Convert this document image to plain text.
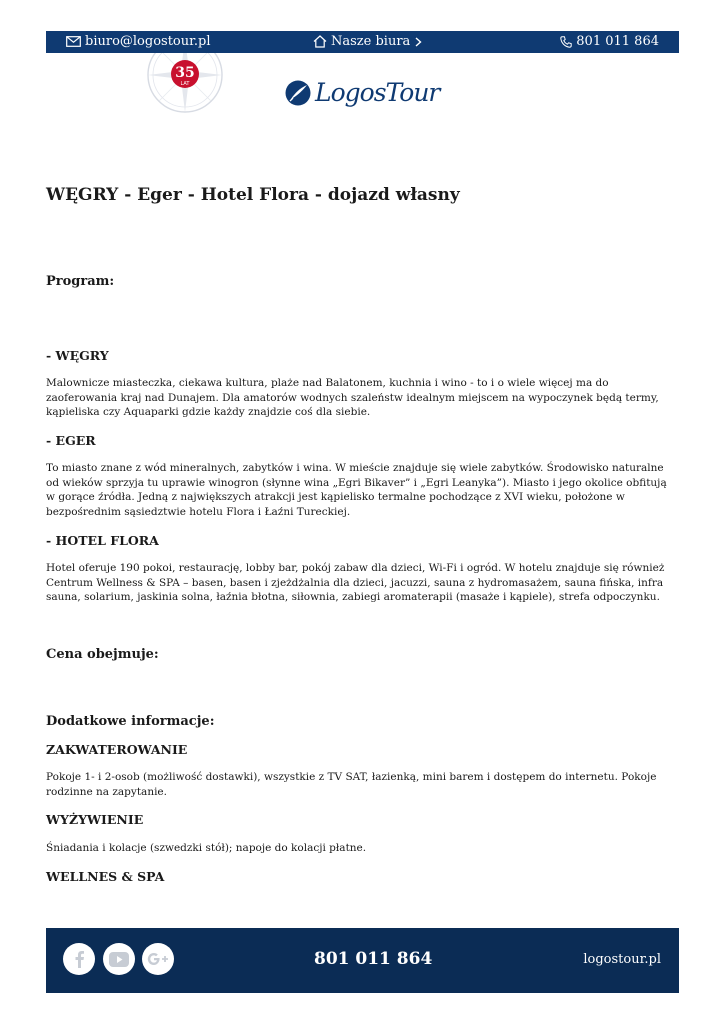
biuro@logostour.pl	Nasze biura	801 011 864
35
LAT	LogosTour
WĘGRY - Eger - Hotel Flora - dojazd własny
Program:
- WĘGRY

Malownicze miasteczka, ciekawa kultura, plaże nad Balatonem, kuchnia i wino - to i o wiele więcej ma do zaoferowania kraj nad Dunajem. Dla amatorów wodnych szaleństw idealnym miejscem na wypoczynek będą termy, kąpieliska czy Aquaparki gdzie każdy znajdzie coś dla siebie.

- EGER

To miasto znane z wód mineralnych, zabytków i wina. W mieście znajduje się wiele zabytków. Środowisko naturalne od wieków sprzyja tu uprawie winogron (słynne wina „Egri Bikaver” i „Egri Leanyka”). Miasto i jego okolice obfitują w gorące źródła. Jedną z największych atrakcji jest kąpielisko termalne pochodzące z XVI wieku, położone w bezpośrednim sąsiedztwie hotelu Flora i Łaźni Tureckiej.

- HOTEL FLORA

Hotel oferuje 190 pokoi, restaurację, lobby bar, pokój zabaw dla dzieci, Wi-Fi i ogród. W hotelu znajduje się również Centrum Wellness & SPA – basen, basen i zjeżdżalnia dla dzieci, jacuzzi, sauna z hydromasażem, sauna fińska, infra sauna, solarium, jaskinia solna, łaźnia błotna, siłownia, zabiegi aromaterapii (masaże i kąpiele), strefa odpoczynku.

Cena obejmuje:
Dodatkowe informacje:
ZAKWATEROWANIE

Pokoje 1- i 2-osob (możliwość dostawki), wszystkie z TV SAT, łazienką, mini barem i dostępem do internetu. Pokoje rodzinne na zapytanie.

WYŻYWIENIE

Śniadania i kolacje (szwedzki stół); napoje do kolacji płatne.

WELLNES & SPA
801 011 864	logostour.pl
